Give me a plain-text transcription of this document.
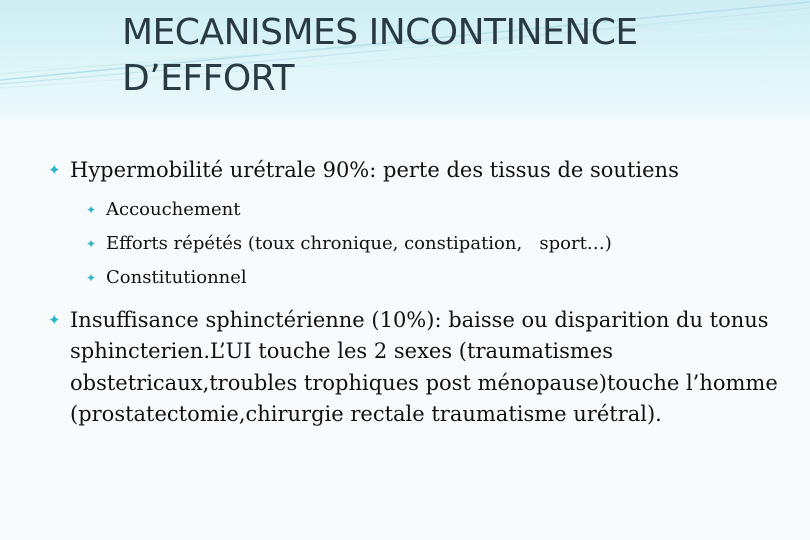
MECANISMES INCONTINENCE
D’EFFORT
✦ Hypermobilité urétrale 90%: perte des tissus de soutiens
✦ Accouchement
✦ Efforts répétés (toux chronique, constipation,   sport…)
✦ Constitutionnel
✦ Insuffisance sphinctérienne (10%): baisse ou disparition du tonus sphincterien.L’UI touche les 2 sexes (traumatismes obstetricaux,troubles trophiques post ménopause)touche l’homme (prostatectomie,chirurgie rectale traumatisme urétral).
